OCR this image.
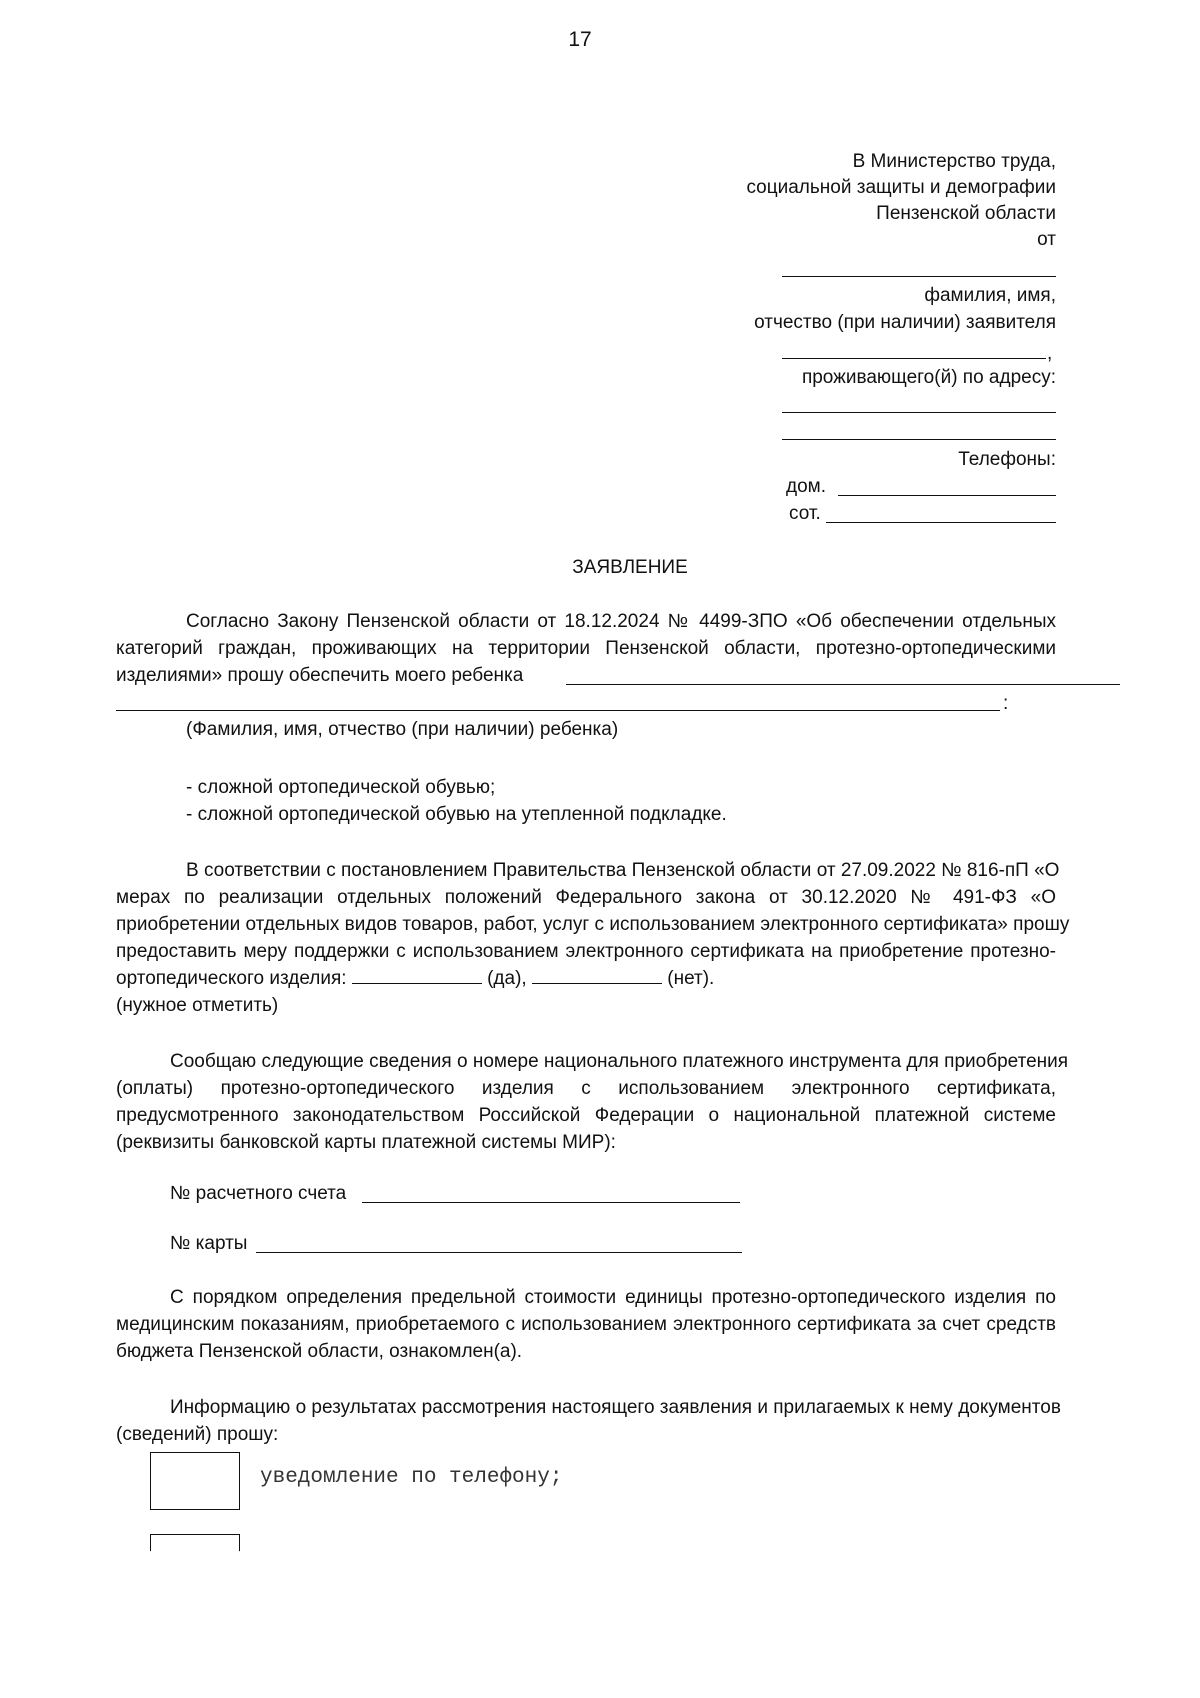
17
В Министерство труда,
социальной защиты и демографии
Пензенской области
от
фамилия, имя,
отчество (при наличии) заявителя
,
проживающего(й) по адресу:
Телефоны:
дом.
сот.
ЗАЯВЛЕНИЕ
Согласно Закону Пензенской области от 18.12.2024 № 4499-ЗПО «Об обеспечении отдельных
категорий граждан, проживающих на территории Пензенской области, протезно-ортопедическими
изделиями» прошу обеспечить моего ребенка
:
(Фамилия, имя, отчество (при наличии) ребенка)
- сложной ортопедической обувью;
- сложной ортопедической обувью на утепленной подкладке.
В соответствии с постановлением Правительства Пензенской области от 27.09.2022 № 816-пП «О
мерах по реализации отдельных положений Федерального закона от 30.12.2020 № 491-ФЗ «О
приобретении отдельных видов товаров, работ, услуг с использованием электронного сертификата» прошу
предоставить меру поддержки с использованием электронного сертификата на приобретение протезно-
ортопедического изделия:	(да),	(нет).
(нужное отметить)
Сообщаю следующие сведения о номере национального платежного инструмента для приобретения
(оплаты) протезно-ортопедического изделия с использованием электронного сертификата,
предусмотренного законодательством Российской Федерации о национальной платежной системе
(реквизиты банковской карты платежной системы МИР):
№ расчетного счета
№ карты
С порядком определения предельной стоимости единицы протезно-ортопедического изделия по
медицинским показаниям, приобретаемого с использованием электронного сертификата за счет средств
бюджета Пензенской области, ознакомлен(а).
Информацию о результатах рассмотрения настоящего заявления и прилагаемых к нему документов
(сведений) прошу:
уведомление по телефону;
